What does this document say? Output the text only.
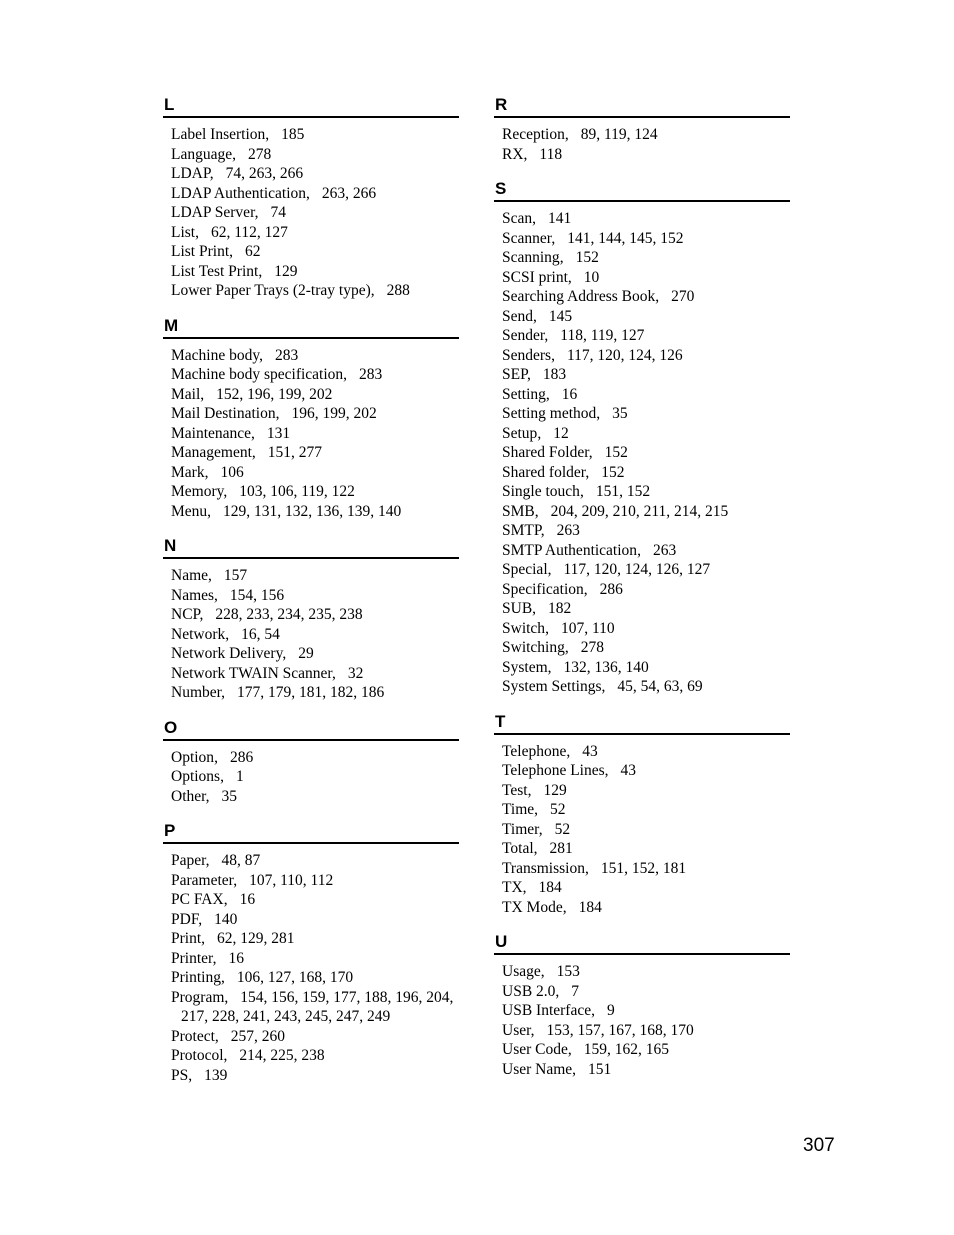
L
Label Insertion , 185
Language , 278
LDAP , 74, 263, 266
LDAP Authentication , 263, 266
LDAP Server , 74
List , 62, 112, 127
List Print , 62
List Test Print , 129
Lower Paper Trays (2-tray type) , 288
M
Machine body , 283
Machine body specification , 283
Mail , 152, 196, 199, 202
Mail Destination , 196, 199, 202
Maintenance , 131
Management , 151, 277
Mark , 106
Memory , 103, 106, 119, 122
Menu , 129, 131, 132, 136, 139, 140
N
Name , 157
Names , 154, 156
NCP , 228, 233, 234, 235, 238
Network , 16, 54
Network Delivery , 29
Network TWAIN Scanner , 32
Number , 177, 179, 181, 182, 186
O
Option , 286
Options , 1
Other , 35
P
Paper , 48, 87
Parameter , 107, 110, 112
PC FAX , 16
PDF , 140
Print , 62, 129, 281
Printer , 16
Printing , 106, 127, 168, 170
Program , 154, 156, 159, 177, 188, 196, 204, 217, 228, 241, 243, 245, 247, 249
Protect , 257, 260
Protocol , 214, 225, 238
PS , 139
R
Reception , 89, 119, 124
RX , 118
S
Scan , 141
Scanner , 141, 144, 145, 152
Scanning , 152
SCSI print , 10
Searching Address Book , 270
Send , 145
Sender , 118, 119, 127
Senders , 117, 120, 124, 126
SEP , 183
Setting , 16
Setting method , 35
Setup , 12
Shared Folder , 152
Shared folder , 152
Single touch , 151, 152
SMB , 204, 209, 210, 211, 214, 215
SMTP , 263
SMTP Authentication , 263
Special , 117, 120, 124, 126, 127
Specification , 286
SUB , 182
Switch , 107, 110
Switching , 278
System , 132, 136, 140
System Settings , 45, 54, 63, 69
T
Telephone , 43
Telephone Lines , 43
Test , 129
Time , 52
Timer , 52
Total , 281
Transmission , 151, 152, 181
TX , 184
TX Mode , 184
U
Usage , 153
USB 2.0 , 7
USB Interface , 9
User , 153, 157, 167, 168, 170
User Code , 159, 162, 165
User Name , 151
307
